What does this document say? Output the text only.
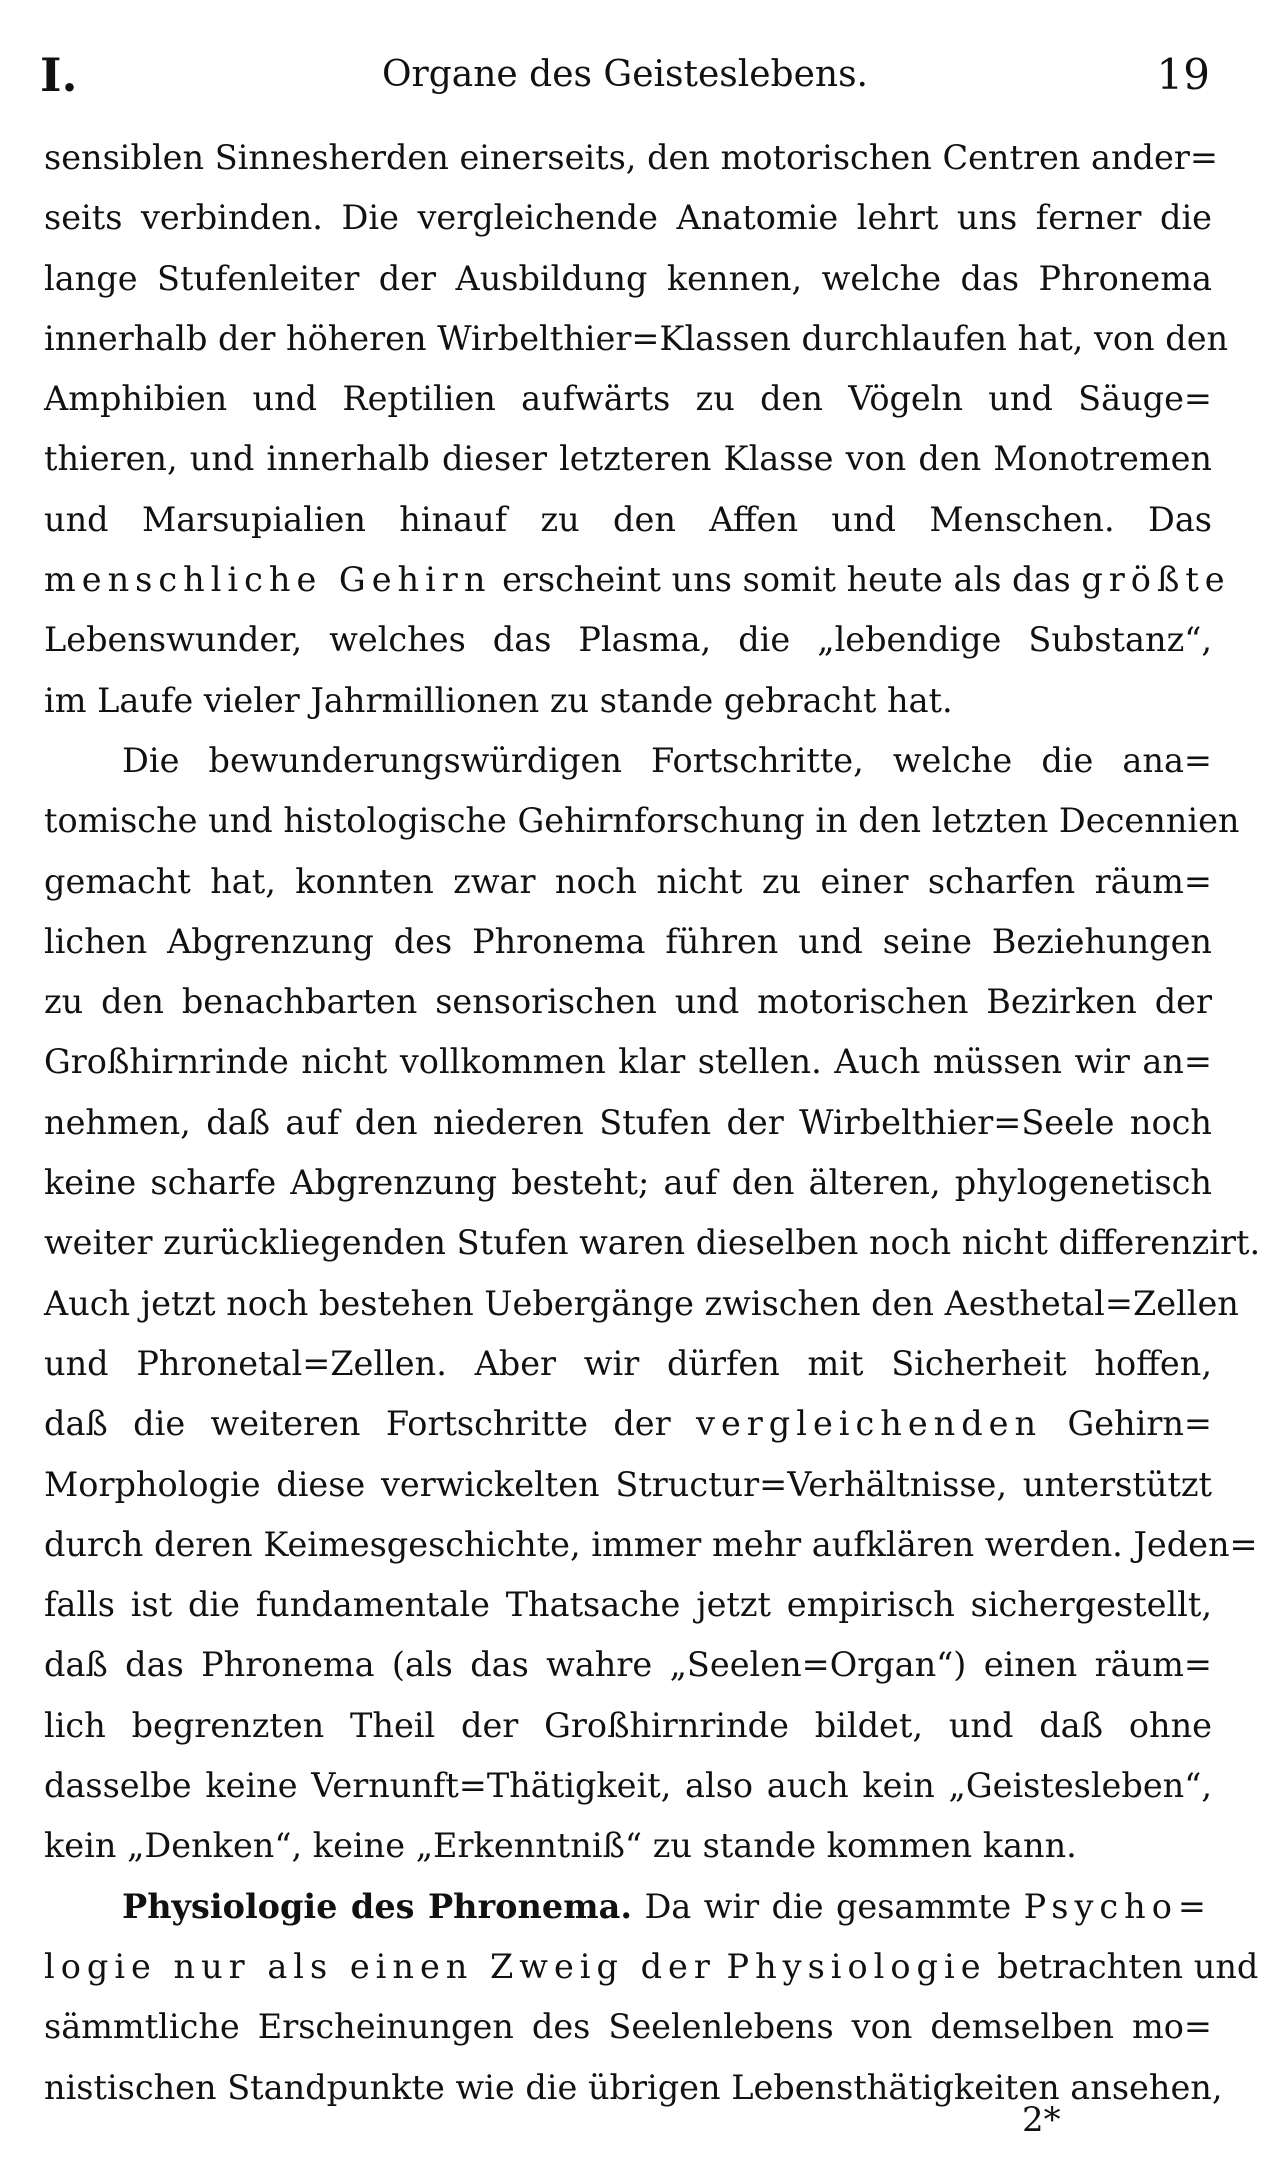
I.	Organe des Geisteslebens.	19
sensiblen Sinnesherden einerseits, den motorischen Centren ander=
seits verbinden. Die vergleichende Anatomie lehrt uns ferner die
lange Stufenleiter der Ausbildung kennen, welche das Phronema
innerhalb der höheren Wirbelthier=Klassen durchlaufen hat, von den
Amphibien und Reptilien aufwärts zu den Vögeln und Säuge=
thieren, und innerhalb dieser letzteren Klasse von den Monotremen
und Marsupialien hinauf zu den Affen und Menschen. Das
menschliche Gehirn erscheint uns somit heute als das größte
Lebenswunder, welches das Plasma, die „lebendige Substanz“,
im Laufe vieler Jahrmillionen zu stande gebracht hat.
Die bewunderungswürdigen Fortschritte, welche die ana=
tomische und histologische Gehirnforschung in den letzten Decennien
gemacht hat, konnten zwar noch nicht zu einer scharfen räum=
lichen Abgrenzung des Phronema führen und seine Beziehungen
zu den benachbarten sensorischen und motorischen Bezirken der
Großhirnrinde nicht vollkommen klar stellen. Auch müssen wir an=
nehmen, daß auf den niederen Stufen der Wirbelthier=Seele noch
keine scharfe Abgrenzung besteht; auf den älteren, phylogenetisch
weiter zurückliegenden Stufen waren dieselben noch nicht differenzirt.
Auch jetzt noch bestehen Uebergänge zwischen den Aesthetal=Zellen
und Phronetal=Zellen. Aber wir dürfen mit Sicherheit hoffen,
daß die weiteren Fortschritte der vergleichenden Gehirn=
Morphologie diese verwickelten Structur=Verhältnisse, unterstützt
durch deren Keimesgeschichte, immer mehr aufklären werden. Jeden=
falls ist die fundamentale Thatsache jetzt empirisch sichergestellt,
daß das Phronema (als das wahre „Seelen=Organ“) einen räum=
lich begrenzten Theil der Großhirnrinde bildet, und daß ohne
dasselbe keine Vernunft=Thätigkeit, also auch kein „Geistesleben“,
kein „Denken“, keine „Erkenntniß“ zu stande kommen kann.
Physiologie des Phronema. Da wir die gesammte Psycho=
logie nur als einen Zweig der Physiologie betrachten und
sämmtliche Erscheinungen des Seelenlebens von demselben mo=
nistischen Standpunkte wie die übrigen Lebensthätigkeiten ansehen,
2*
